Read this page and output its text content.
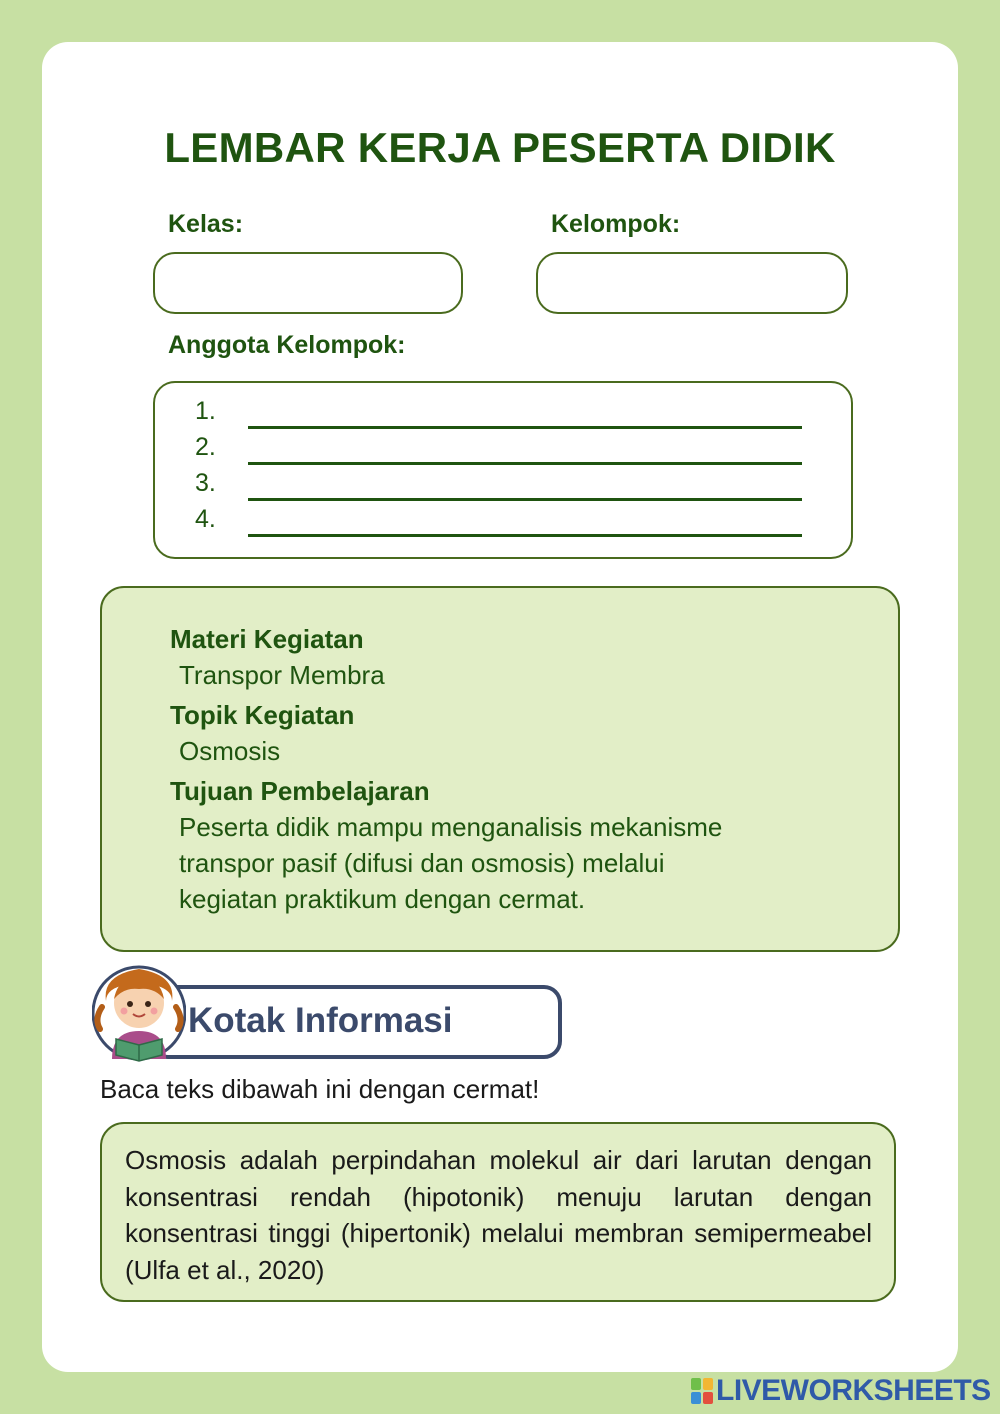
LEMBAR KERJA PESERTA DIDIK
Kelas:	Kelompok:
Anggota Kelompok:
1.
2.
3.
4.
Materi Kegiatan
Transpor Membra
Topik Kegiatan
Osmosis
Tujuan Pembelajaran
Peserta didik mampu menganalisis mekanisme
transpor pasif (difusi dan osmosis) melalui
kegiatan praktikum dengan cermat.
Kotak Informasi
Baca teks dibawah ini dengan cermat!

Osmosis adalah perpindahan molekul air dari larutan dengan konsentrasi rendah (hipotonik) menuju larutan dengan konsentrasi tinggi (hipertonik) melalui membran semipermeabel (Ulfa et al., 2020)

LIVEWORKSHEETS
